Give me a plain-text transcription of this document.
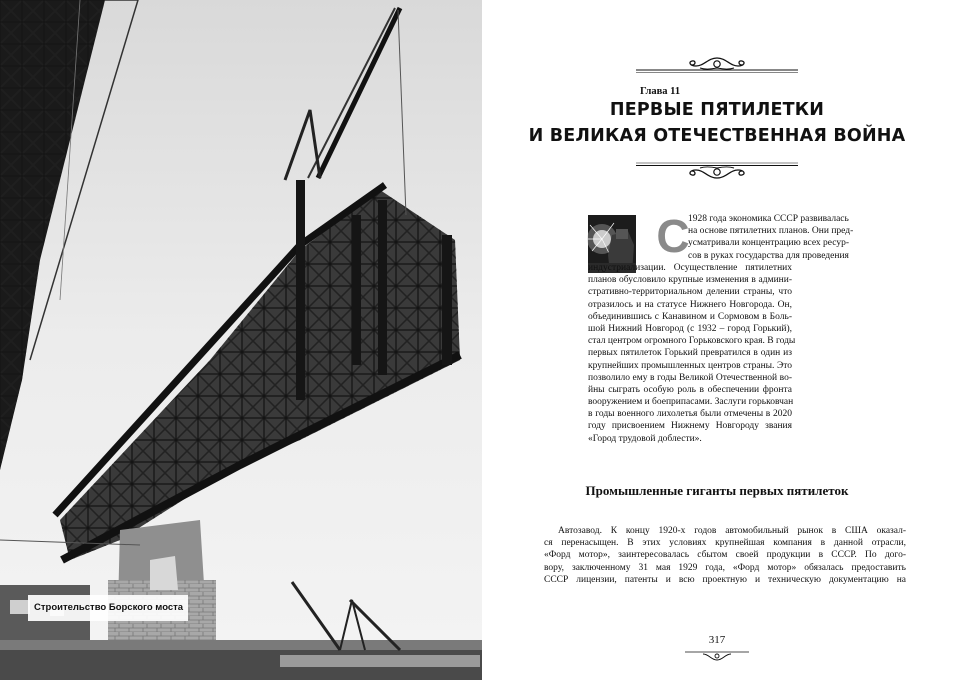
Строительство Борского моста
Глава 11
ПЕРВЫЕ ПЯТИЛЕТКИ
И ВЕЛИКАЯ ОТЕЧЕСТВЕННАЯ ВОЙНА
С
1928 года экономика СССР развивалась
на основе пятилетних планов. Они пред-
усматривали концентрацию всех ресур-
сов в руках государства для проведения
индустриализации. Осуществление пятилетних
планов обусловило крупные изменения в админи-
стративно-территориальном делении страны, что
отразилось и на статусе Нижнего Новгорода. Он,
объединившись с Канавином и Сормовом в Боль-
шой Нижний Новгород (с 1932 – город Горький),
стал центром огромного Горьковского края. В годы
первых пятилеток Горький превратился в один из
крупнейших промышленных центров страны. Это
позволило ему в годы Великой Отечественной во-
йны сыграть особую роль в обеспечении фронта
вооружением и боеприпасами. Заслуги горьковчан
в годы военного лихолетья были отмечены в 2020
году присвоением Нижнему Новгороду звания
«Город трудовой доблести».
Промышленные гиганты первых пятилеток
Автозавод. К концу 1920-х годов автомобильный рынок в США оказал-
ся перенасыщен. В этих условиях крупнейшая компания в данной отрасли,
«Форд мотор», заинтересовалась сбытом своей продукции в СССР. По дого-
вору, заключенному 31 мая 1929 года, «Форд мотор» обязалась предоставить
СССР лицензии, патенты и всю проектную и техническую документацию на
317
